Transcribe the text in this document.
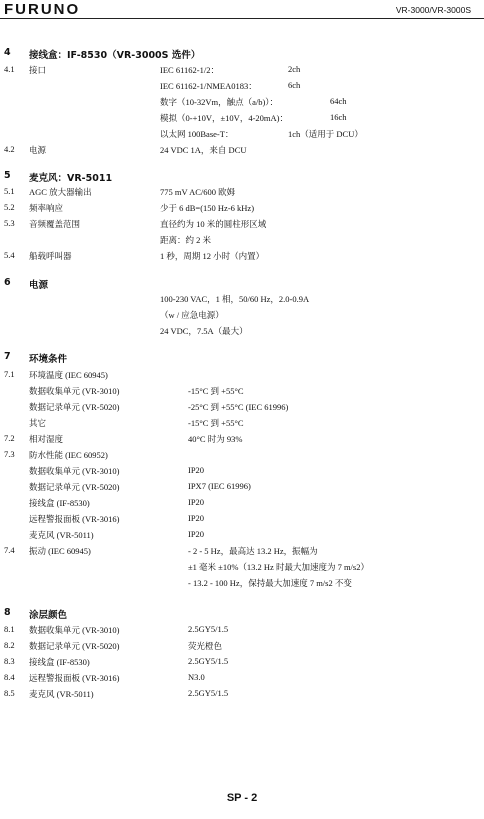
FURUNO	VR-3000/VR-3000S
4 接线盒：IF-8530（VR-3000S 选件）
4.1 接口	IEC 61162-1/2：	2ch
IEC 61162-1/NMEA0183：	6ch
数字（10-32Vm，触点（a/b)）：	64ch
模拟（0-+10V，±10V，4-20mA)：	16ch
以太网 100Base-T：	1ch（适用于 DCU）
4.2 电源	24 VDC 1A，来自 DCU
5 麦克风：VR-5011
5.1 AGC 放大器输出	775 mV AC/600 欧姆
5.2 频率响应	少于 6 dB=(150 Hz-6 kHz)
5.3 音频覆盖范围	直径约为 10 米的圆柱形区域
距离：约 2 米
5.4 船载呼叫器	1 秒，周期 12 小时（内置）
6 电源
100-230 VAC，1 相，50/60 Hz，2.0-0.9A
（w / 应急电源）
24 VDC，7.5A（最大）
7 环境条件
7.1 环境温度 (IEC 60945)
数据收集单元 (VR-3010)	-15°C 到 +55°C
数据记录单元 (VR-5020)	-25°C 到 +55°C (IEC 61996)
其它	-15°C 到 +55°C
7.2 相对湿度	40°C 时为 93%
7.3 防水性能 (IEC 60952)
数据收集单元 (VR-3010)	IP20
数据记录单元 (VR-5020)	IPX7 (IEC 61996)
接线盒 (IF-8530)	IP20
远程警报面板 (VR-3016)	IP20
麦克风 (VR-5011)	IP20
7.4 振动 (IEC 60945)	- 2 - 5 Hz，最高达 13.2 Hz，振幅为
±1 毫米 ±10%（13.2 Hz 时最大加速度为 7 m/s2）
- 13.2 - 100 Hz，保持最大加速度 7 m/s2 不变
8 涂层颜色
8.1 数据收集单元 (VR-3010)	2.5GY5/1.5
8.2 数据记录单元 (VR-5020)	荧光橙色
8.3 接线盒 (IF-8530)	2.5GY5/1.5
8.4 远程警报面板 (VR-3016)	N3.0
8.5 麦克风 (VR-5011)	2.5GY5/1.5
SP - 2
